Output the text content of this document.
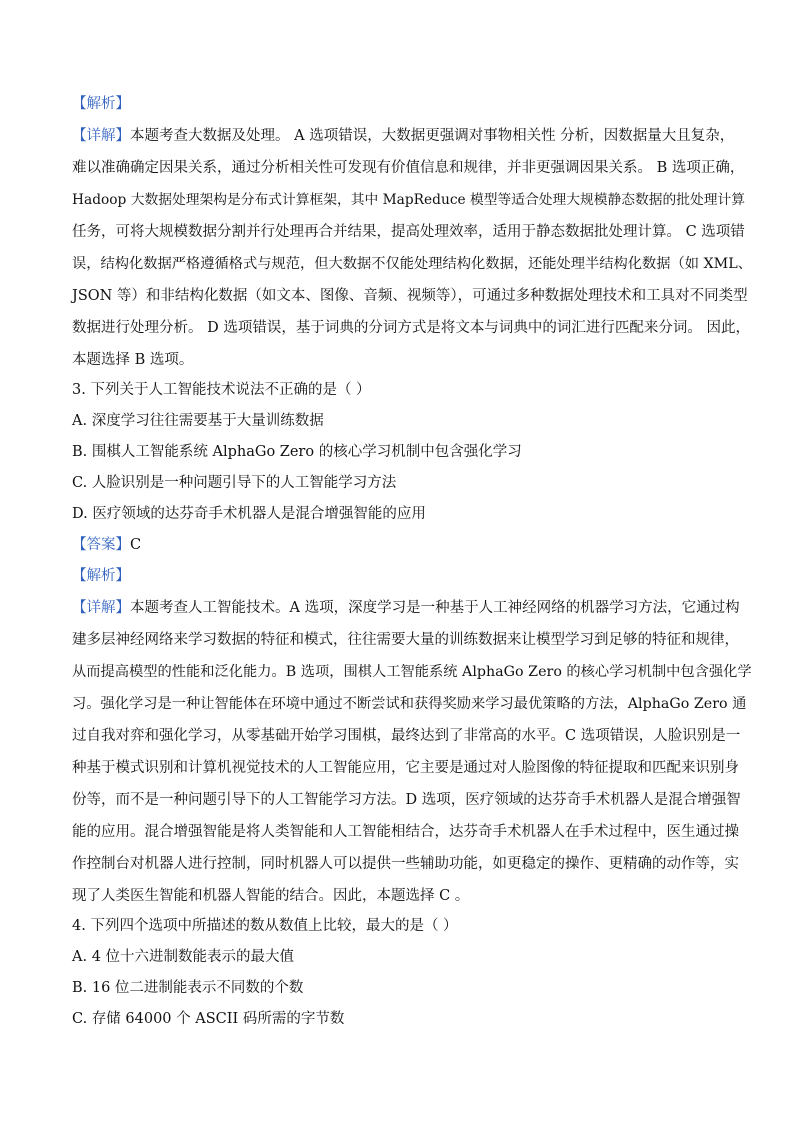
【解析】
【详解】本题考查大数据及处理。 A 选项错误，大数据更强调对事物相关性 分析，因数据量大且复杂，
难以准确确定因果关系，通过分析相关性可发现有价值信息和规律，并非更强调因果关系。 B 选项正确，
Hadoop 大数据处理架构是分布式计算框架，其中 MapReduce 模型等适合处理大规模静态数据的批处理计算
任务，可将大规模数据分割并行处理再合并结果，提高处理效率，适用于静态数据批处理计算。 C 选项错
误，结构化数据严格遵循格式与规范，但大数据不仅能处理结构化数据，还能处理半结构化数据（如 XML、
JSON 等）和非结构化数据（如文本、图像、音频、视频等），可通过多种数据处理技术和工具对不同类型
数据进行处理分析。 D 选项错误，基于词典的分词方式是将文本与词典中的词汇进行匹配来分词。 因此，
本题选择 B 选项。
3. 下列关于人工智能技术说法不正确的是（ ）
A. 深度学习往往需要基于大量训练数据
B. 围棋人工智能系统 AlphaGo Zero 的核心学习机制中包含强化学习
C. 人脸识别是一种问题引导下的人工智能学习方法
D. 医疗领域的达芬奇手术机器人是混合增强智能的应用
【答案】C
【解析】
【详解】本题考查人工智能技术。A 选项，深度学习是一种基于人工神经网络的机器学习方法，它通过构
建多层神经网络来学习数据的特征和模式，往往需要大量的训练数据来让模型学习到足够的特征和规律，
从而提高模型的性能和泛化能力。B 选项，围棋人工智能系统 AlphaGo Zero 的核心学习机制中包含强化学
习。强化学习是一种让智能体在环境中通过不断尝试和获得奖励来学习最优策略的方法，AlphaGo Zero 通
过自我对弈和强化学习，从零基础开始学习围棋，最终达到了非常高的水平。C 选项错误，人脸识别是一
种基于模式识别和计算机视觉技术的人工智能应用，它主要是通过对人脸图像的特征提取和匹配来识别身
份等，而不是一种问题引导下的人工智能学习方法。D 选项，医疗领域的达芬奇手术机器人是混合增强智
能的应用。混合增强智能是将人类智能和人工智能相结合，达芬奇手术机器人在手术过程中，医生通过操
作控制台对机器人进行控制，同时机器人可以提供一些辅助功能，如更稳定的操作、更精确的动作等，实
现了人类医生智能和机器人智能的结合。因此，本题选择 C 。
4. 下列四个选项中所描述的数从数值上比较，最大的是（ ）
A. 4 位十六进制数能表示的最大值
B. 16 位二进制能表示不同数的个数
C. 存储 64000 个 ASCII 码所需的字节数
